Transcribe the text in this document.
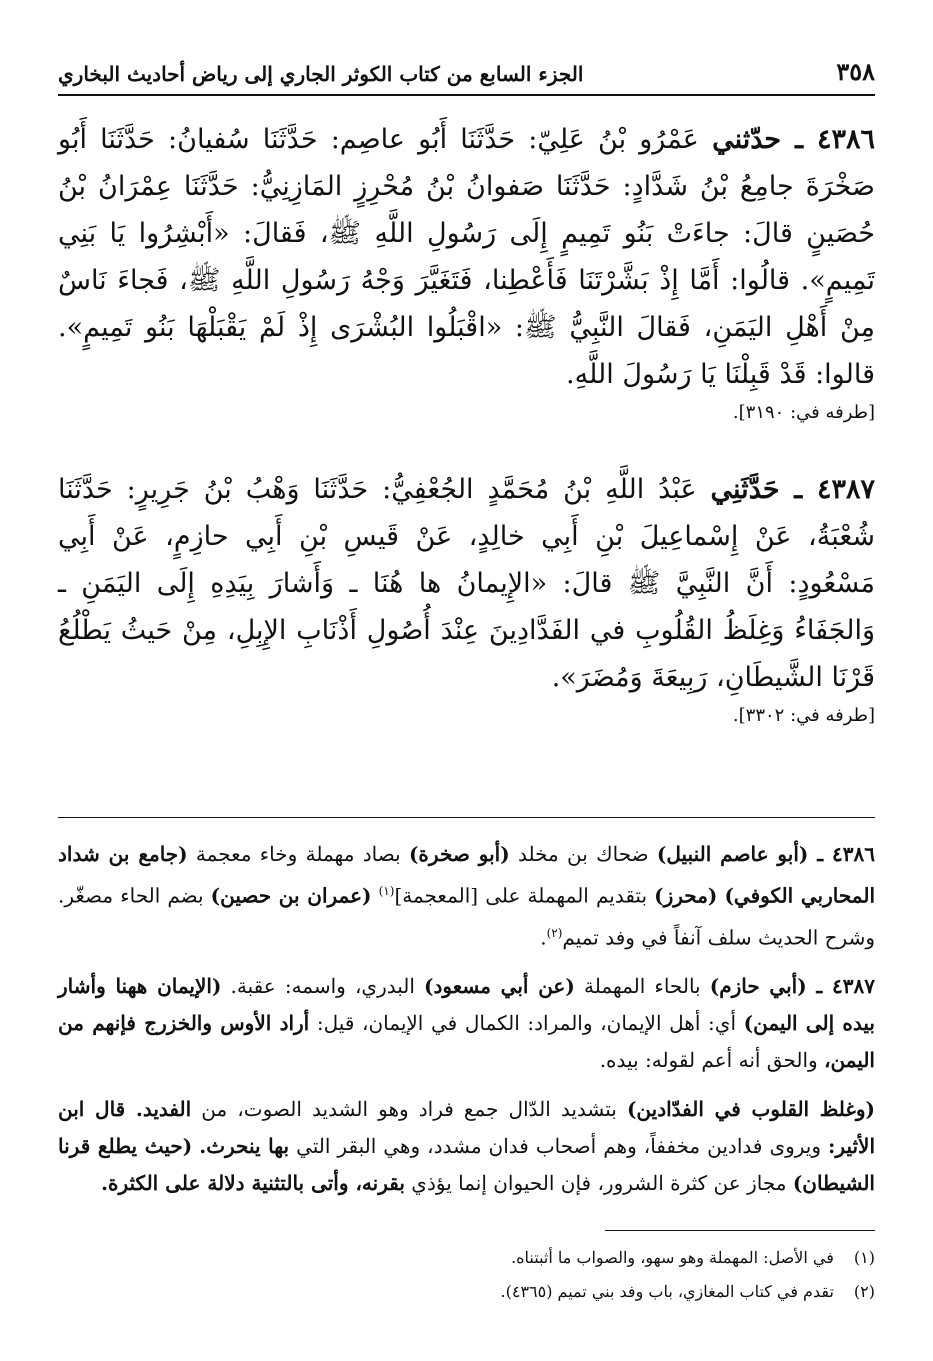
٣٥٨
الجزء السابع من كتاب الكوثر الجاري إلى رياض أحاديث البخاري

٤٣٨٦ ـ حدّثني عَمْرُو بْنُ عَلِيّ: حَدَّثَنَا أَبُو عاصِم: حَدَّثَنَا سُفيانُ: حَدَّثَنَا أَبُو صَخْرَةَ جامِعُ بْنُ شَدَّادٍ: حَدَّثَنَا صَفوانُ بْنُ مُحْرِزٍ المَازِنِيُّ: حَدَّثَنَا عِمْرَانُ بْنُ حُصَينٍ قالَ: جاءَتْ بَنُو تَمِيمٍ إِلَى رَسُولِ اللَّهِ ﷺ، فَقالَ: «أَبْشِرُوا يَا بَنِي تَمِيمٍ». قالُوا: أَمَّا إِذْ بَشَّرْتَنَا فَأَعْطِنا، فَتَغَيَّرَ وَجْهُ رَسُولِ اللَّهِ ﷺ، فَجاءَ نَاسٌ مِنْ أَهْلِ اليَمَنِ، فَقالَ النَّبِيُّ ﷺ: «اقْبَلُوا البُشْرَى إِذْ لَمْ يَقْبَلْهَا بَنُو تَمِيمٍ». قالوا: قَدْ قَبِلْنَا يَا رَسُولَ اللَّهِ.

[طرفه في: ٣١٩٠].

٤٣٨٧ ـ حَدَّثَنِي عَبْدُ اللَّهِ بْنُ مُحَمَّدٍ الجُعْفِيُّ: حَدَّثَنَا وَهْبُ بْنُ جَرِيرٍ: حَدَّثَنَا شُعْبَةُ، عَنْ إِسْماعِيلَ بْنِ أَبِي خالِدٍ، عَنْ قَيسِ بْنِ أَبِي حازِمٍ، عَنْ أَبِي مَسْعُودٍ: أَنَّ النَّبِيَّ ﷺ قالَ: «الإِيمانُ ها هُنَا ـ وَأَشارَ بِيَدِهِ إِلَى اليَمَنِ ـ وَالجَفَاءُ وَغِلَظُ القُلُوبِ في الفَدَّادِينَ عِنْدَ أُصُولِ أَذْنَابِ الإِبِلِ، مِنْ حَيثُ يَطْلُعُ قَرْنَا الشَّيطَانِ، رَبِيعَةَ وَمُضَرَ».

[طرفه في: ٣٣٠٢].

٤٣٨٦ ـ (أبو عاصم النبيل) ضحاك بن مخلد (أبو صخرة) بصاد مهملة وخاء معجمة (جامع بن شداد المحاربي الكوفي) (محرز) بتقديم المهملة على [المعجمة]$^{(١)}$ (عمران بن حصين) بضم الحاء مصغّر. وشرح الحديث سلف آنفاً في وفد تميم$^{(٢)}$.

٤٣٨٧ ـ (أبي حازم) بالحاء المهملة (عن أبي مسعود) البدري، واسمه: عقبة. (الإيمان ههنا وأشار بيده إلى اليمن) أي: أهل الإيمان، والمراد: الكمال في الإيمان، قيل: أراد الأوس والخزرج فإنهم من اليمن، والحق أنه أعم لقوله: بيده.

(وغلظ القلوب في الفدّادين) بتشديد الدّال جمع فراد وهو الشديد الصوت، من الفديد. قال ابن الأثير: ويروى فدادين مخففاً، وهم أصحاب فدان مشدد، وهي البقر التي بها ينحرث. (حيث يطلع قرنا الشيطان) مجاز عن كثرة الشرور، فإن الحيوان إنما يؤذي بقرنه، وأتى بالتثنية دلالة على الكثرة.

(١)
في الأصل: المهملة وهو سهو، والصواب ما أثبتناه.

(٢)
تقدم في كتاب المغازي، باب وفد بني تميم (٤٣٦٥).
